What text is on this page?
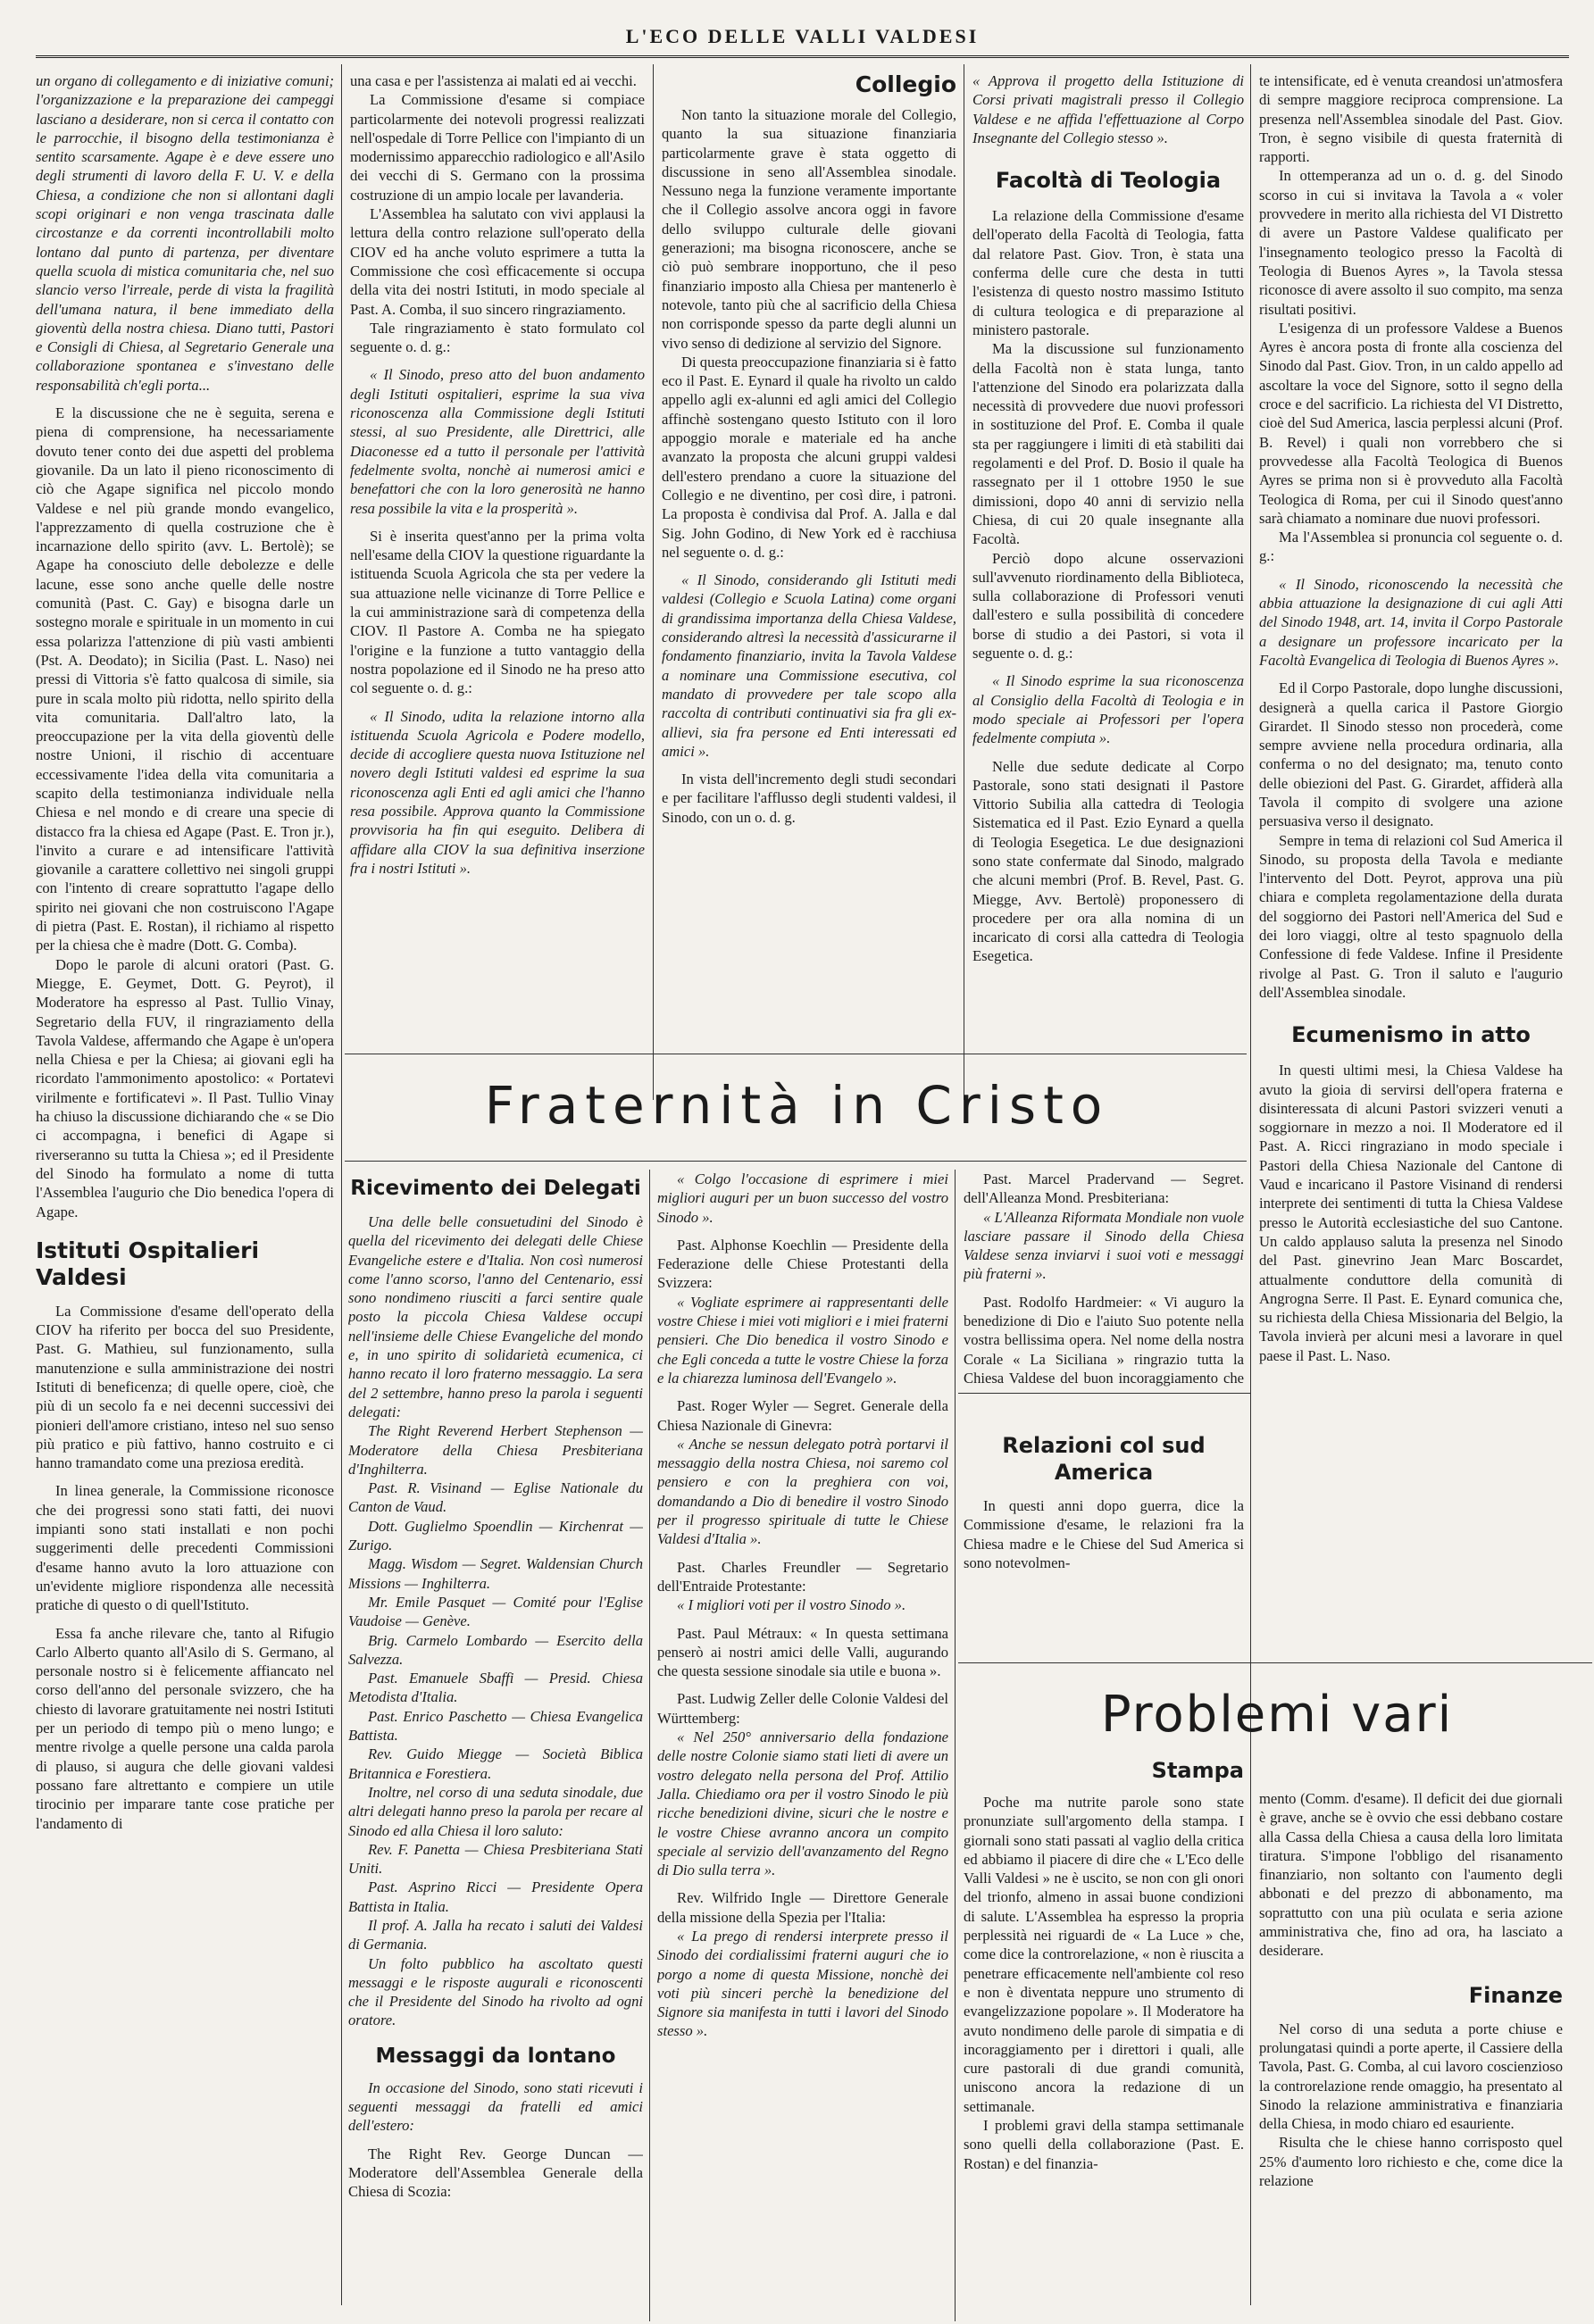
L'ECO DELLE VALLI VALDESI

un organo di collegamento e di iniziative comuni; l'organizzazione e la preparazione dei campeggi lasciano a desiderare, non si cerca il contatto con le parrocchie, il bisogno della testimonianza è sentito scarsamente. Agape è e deve essere uno degli strumenti di lavoro della F. U. V. e della Chiesa, a condizione che non si allontani dagli scopi originari e non venga trascinata dalle circostanze e da correnti incontrollabili molto lontano dal punto di partenza, per diventare quella scuola di mistica comunitaria che, nel suo slancio verso l'irreale, perde di vista la fragilità dell'umana natura, il bene immediato della gioventù della nostra chiesa. Diano tutti, Pastori e Consigli di Chiesa, al Segretario Generale una collaborazione spontanea e s'investano delle responsabilità ch'egli porta...

E la discussione che ne è seguita, serena e piena di comprensione, ha necessariamente dovuto tener conto dei due aspetti del problema giovanile. Da un lato il pieno riconoscimento di ciò che Agape significa nel piccolo mondo Valdese e nel più grande mondo evangelico, l'apprezzamento di quella costruzione che è incarnazione dello spirito (avv. L. Bertolè); se Agape ha conosciuto delle debolezze e delle lacune, esse sono anche quelle delle nostre comunità (Past. C. Gay) e bisogna darle un sostegno morale e spirituale in un momento in cui essa polarizza l'attenzione di più vasti ambienti (Pst. A. Deodato); in Sicilia (Past. L. Naso) nei pressi di Vittoria s'è fatto qualcosa di simile, sia pure in scala molto più ridotta, nello spirito della vita comunitaria. Dall'altro lato, la preoccupazione per la vita della gioventù delle nostre Unioni, il rischio di accentuare eccessivamente l'idea della vita comunitaria a scapito della testimonianza individuale nella Chiesa e nel mondo e di creare una specie di distacco fra la chiesa ed Agape (Past. E. Tron jr.), l'invito a curare e ad intensificare l'attività giovanile a carattere collettivo nei singoli gruppi con l'intento di creare soprattutto l'agape dello spirito nei giovani che non costruiscono l'Agape di pietra (Past. E. Rostan), il richiamo al rispetto per la chiesa che è madre (Dott. G. Comba).

Dopo le parole di alcuni oratori (Past. G. Miegge, E. Geymet, Dott. G. Peyrot), il Moderatore ha espresso al Past. Tullio Vinay, Segretario della FUV, il ringraziamento della Tavola Valdese, affermando che Agape è un'opera nella Chiesa e per la Chiesa; ai giovani egli ha ricordato l'ammonimento apostolico: « Portatevi virilmente e fortificatevi ». Il Past. Tullio Vinay ha chiuso la discussione dichiarando che « se Dio ci accompagna, i benefici di Agape si riverseranno su tutta la Chiesa »; ed il Presidente del Sinodo ha formulato a nome di tutta l'Assemblea l'augurio che Dio benedica l'opera di Agape.

Istituti Ospitalieri Valdesi

La Commissione d'esame dell'operato della CIOV ha riferito per bocca del suo Presidente, Past. G. Mathieu, sul funzionamento, sulla manutenzione e sulla amministrazione dei nostri Istituti di beneficenza; di quelle opere, cioè, che più di un secolo fa e nei decenni successivi dei pionieri dell'amore cristiano, inteso nel suo senso più pratico e più fattivo, hanno costruito e ci hanno tramandato come una preziosa eredità.

In linea generale, la Commissione riconosce che dei progressi sono stati fatti, dei nuovi impianti sono stati installati e non pochi suggerimenti delle precedenti Commissioni d'esame hanno avuto la loro attuazione con un'evidente migliore rispondenza alle necessità pratiche di questo o di quell'Istituto.

Essa fa anche rilevare che, tanto al Rifugio Carlo Alberto quanto all'Asilo di S. Germano, al personale nostro si è felicemente affiancato nel corso dell'anno del personale svizzero, che ha chiesto di lavorare gratuitamente nei nostri Istituti per un periodo di tempo più o meno lungo; e mentre rivolge a quelle persone una calda parola di plauso, si augura che delle giovani valdesi possano fare altrettanto e compiere un utile tirocinio per imparare tante cose pratiche per l'andamento di

una casa e per l'assistenza ai malati ed ai vecchi.

La Commissione d'esame si compiace particolarmente dei notevoli progressi realizzati nell'ospedale di Torre Pellice con l'impianto di un modernissimo apparecchio radiologico e all'Asilo dei vecchi di S. Germano con la prossima costruzione di un ampio locale per lavanderia.

L'Assemblea ha salutato con vivi applausi la lettura della contro relazione sull'operato della CIOV ed ha anche voluto esprimere a tutta la Commissione che così efficacemente si occupa della vita dei nostri Istituti, in modo speciale al Past. A. Comba, il suo sincero ringraziamento.

Tale ringraziamento è stato formulato col seguente o. d. g.:

« Il Sinodo, preso atto del buon andamento degli Istituti ospitalieri, esprime la sua viva riconoscenza alla Commissione degli Istituti stessi, al suo Presidente, alle Direttrici, alle Diaconesse ed a tutto il personale per l'attività fedelmente svolta, nonchè ai numerosi amici e benefattori che con la loro generosità ne hanno resa possibile la vita e la prosperità ».

Si è inserita quest'anno per la prima volta nell'esame della CIOV la questione riguardante la istituenda Scuola Agricola che sta per vedere la sua attuazione nelle vicinanze di Torre Pellice e la cui amministrazione sarà di competenza della CIOV. Il Pastore A. Comba ne ha spiegato l'origine e la funzione a tutto vantaggio della nostra popolazione ed il Sinodo ne ha preso atto col seguente o. d. g.:

« Il Sinodo, udita la relazione intorno alla istituenda Scuola Agricola e Podere modello, decide di accogliere questa nuova Istituzione nel novero degli Istituti valdesi ed esprime la sua riconoscenza agli Enti ed agli amici che l'hanno resa possibile. Approva quanto la Commissione provvisoria ha fin qui eseguito. Delibera di affidare alla CIOV la sua definitiva inserzione fra i nostri Istituti ».

Collegio

Non tanto la situazione morale del Collegio, quanto la sua situazione finanziaria particolarmente grave è stata oggetto di discussione in seno all'Assemblea sinodale. Nessuno nega la funzione veramente importante che il Collegio assolve ancora oggi in favore dello sviluppo culturale delle giovani generazioni; ma bisogna riconoscere, anche se ciò può sembrare inopportuno, che il peso finanziario imposto alla Chiesa per mantenerlo è notevole, tanto più che al sacrificio della Chiesa non corrisponde spesso da parte degli alunni un vivo senso di dedizione al servizio del Signore.

Di questa preoccupazione finanziaria si è fatto eco il Past. E. Eynard il quale ha rivolto un caldo appello agli ex-alunni ed agli amici del Collegio affinchè sostengano questo Istituto con il loro appoggio morale e materiale ed ha anche avanzato la proposta che alcuni gruppi valdesi dell'estero prendano a cuore la situazione del Collegio e ne diventino, per così dire, i patroni. La proposta è condivisa dal Prof. A. Jalla e dal Sig. John Godino, di New York ed è racchiusa nel seguente o. d. g.:

« Il Sinodo, considerando gli Istituti medi valdesi (Collegio e Scuola Latina) come organi di grandissima importanza della Chiesa Valdese, considerando altresì la necessità d'assicurarne il fondamento finanziario, invita la Tavola Valdese a nominare una Commissione esecutiva, col mandato di provvedere per tale scopo alla raccolta di contributi continuativi sia fra gli ex-allievi, sia fra persone ed Enti interessati ed amici ».

In vista dell'incremento degli studi secondari e per facilitare l'afflusso degli studenti valdesi, il Sinodo, con un o. d. g.

« Approva il progetto della Istituzione di Corsi privati magistrali presso il Collegio Valdese e ne affida l'effettuazione al Corpo Insegnante del Collegio stesso ».

Facoltà di Teologia

La relazione della Commissione d'esame dell'operato della Facoltà di Teologia, fatta dal relatore Past. Giov. Tron, è stata una conferma delle cure che desta in tutti l'esistenza di questo nostro massimo Istituto di cultura teologica e di preparazione al ministero pastorale.

Ma la discussione sul funzionamento della Facoltà non è stata lunga, tanto l'attenzione del Sinodo era polarizzata dalla necessità di provvedere due nuovi professori in sostituzione del Prof. E. Comba il quale sta per raggiungere i limiti di età stabiliti dai regolamenti e del Prof. D. Bosio il quale ha rassegnato per il 1 ottobre 1950 le sue dimissioni, dopo 40 anni di servizio nella Chiesa, di cui 20 quale insegnante alla Facoltà.

Perciò dopo alcune osservazioni sull'avvenuto riordinamento della Biblioteca, sulla collaborazione di Professori venuti dall'estero e sulla possibilità di concedere borse di studio a dei Pastori, si vota il seguente o. d. g.:

« Il Sinodo esprime la sua riconoscenza al Consiglio della Facoltà di Teologia e in modo speciale ai Professori per l'opera fedelmente compiuta ».

Nelle due sedute dedicate al Corpo Pastorale, sono stati designati il Pastore Vittorio Subilia alla cattedra di Teologia Sistematica ed il Past. Ezio Eynard a quella di Teologia Esegetica. Le due designazioni sono state confermate dal Sinodo, malgrado che alcuni membri (Prof. B. Revel, Past. G. Miegge, Avv. Bertolè) proponessero di procedere per ora alla nomina di un incaricato di corsi alla cattedra di Teologia Esegetica.

te intensificate, ed è venuta creandosi un'atmosfera di sempre maggiore reciproca comprensione. La presenza nell'Assemblea sinodale del Past. Giov. Tron, è segno visibile di questa fraternità di rapporti.

In ottemperanza ad un o. d. g. del Sinodo scorso in cui si invitava la Tavola a « voler provvedere in merito alla richiesta del VI Distretto di avere un Pastore Valdese qualificato per l'insegnamento teologico presso la Facoltà di Teologia di Buenos Ayres », la Tavola stessa riconosce di avere assolto il suo compito, ma senza risultati positivi.

L'esigenza di un professore Valdese a Buenos Ayres è ancora posta di fronte alla coscienza del Sinodo dal Past. Giov. Tron, in un caldo appello ad ascoltare la voce del Signore, sotto il segno della croce e del sacrificio. La richiesta del VI Distretto, cioè del Sud America, lascia perplessi alcuni (Prof. B. Revel) i quali non vorrebbero che si provvedesse alla Facoltà Teologica di Buenos Ayres se prima non si è provveduto alla Facoltà Teologica di Roma, per cui il Sinodo quest'anno sarà chiamato a nominare due nuovi professori.

Ma l'Assemblea si pronuncia col seguente o. d. g.:

« Il Sinodo, riconoscendo la necessità che abbia attuazione la designazione di cui agli Atti del Sinodo 1948, art. 14, invita il Corpo Pastorale a designare un professore incaricato per la Facoltà Evangelica di Teologia di Buenos Ayres ».

Ed il Corpo Pastorale, dopo lunghe discussioni, designerà a quella carica il Pastore Giorgio Girardet. Il Sinodo stesso non procederà, come sempre avviene nella procedura ordinaria, alla conferma o no del designato; ma, tenuto conto delle obiezioni del Past. G. Girardet, affiderà alla Tavola il compito di svolgere una azione persuasiva verso il designato.

Sempre in tema di relazioni col Sud America il Sinodo, su proposta della Tavola e mediante l'intervento del Dott. Peyrot, approva una più chiara e completa regolamentazione della durata del soggiorno dei Pastori nell'America del Sud e dei loro viaggi, oltre al testo spagnuolo della Confessione di fede Valdese. Infine il Presidente rivolge al Past. G. Tron il saluto e l'augurio dell'Assemblea sinodale.

Ecumenismo in atto

In questi ultimi mesi, la Chiesa Valdese ha avuto la gioia di servirsi dell'opera fraterna e disinteressata di alcuni Pastori svizzeri venuti a soggiornare in mezzo a noi. Il Moderatore ed il Past. A. Ricci ringraziano in modo speciale i Pastori della Chiesa Nazionale del Cantone di Vaud e incaricano il Pastore Visinand di rendersi interprete dei sentimenti di tutta la Chiesa Valdese presso le Autorità ecclesiastiche del suo Cantone. Un caldo applauso saluta la presenza nel Sinodo del Past. ginevrino Jean Marc Boscardet, attualmente conduttore della comunità di Angrogna Serre. Il Past. E. Eynard comunica che, su richiesta della Chiesa Missionaria del Belgio, la Tavola invierà per alcuni mesi a lavorare in quel paese il Past. L. Naso.

Fraternità in Cristo
Ricevimento dei Delegati

Una delle belle consuetudini del Sinodo è quella del ricevimento dei delegati delle Chiese Evangeliche estere e d'Italia. Non così numerosi come l'anno scorso, l'anno del Centenario, essi sono nondimeno riusciti a farci sentire quale posto la piccola Chiesa Valdese occupi nell'insieme delle Chiese Evangeliche del mondo e, in uno spirito di solidarietà ecumenica, ci hanno recato il loro fraterno messaggio. La sera del 2 settembre, hanno preso la parola i seguenti delegati:

The Right Reverend Herbert Stephenson — Moderatore della Chiesa Presbiteriana d'Inghilterra.

Past. R. Visinand — Eglise Nationale du Canton de Vaud.

Dott. Guglielmo Spoendlin — Kirchenrat — Zurigo.

Magg. Wisdom — Segret. Waldensian Church Missions — Inghilterra.

Mr. Emile Pasquet — Comité pour l'Eglise Vaudoise — Genève.

Brig. Carmelo Lombardo — Esercito della Salvezza.

Past. Emanuele Sbaffi — Presid. Chiesa Metodista d'Italia.

Past. Enrico Paschetto — Chiesa Evangelica Battista.

Rev. Guido Miegge — Società Biblica Britannica e Forestiera.

Inoltre, nel corso di una seduta sinodale, due altri delegati hanno preso la parola per recare al Sinodo ed alla Chiesa il loro saluto:

Rev. F. Panetta — Chiesa Presbiteriana Stati Uniti.

Past. Asprino Ricci — Presidente Opera Battista in Italia.

Il prof. A. Jalla ha recato i saluti dei Valdesi di Germania.

Un folto pubblico ha ascoltato questi messaggi e le risposte augurali e riconoscenti che il Presidente del Sinodo ha rivolto ad ogni oratore.

Messaggi da lontano

In occasione del Sinodo, sono stati ricevuti i seguenti messaggi da fratelli ed amici dell'estero:

The Right Rev. George Duncan — Moderatore dell'Assemblea Generale della Chiesa di Scozia:

« Colgo l'occasione di esprimere i miei migliori auguri per un buon successo del vostro Sinodo ».

Past. Alphonse Koechlin — Presidente della Federazione delle Chiese Protestanti della Svizzera:

« Vogliate esprimere ai rappresentanti delle vostre Chiese i miei voti migliori e i miei fraterni pensieri. Che Dio benedica il vostro Sinodo e che Egli conceda a tutte le vostre Chiese la forza e la chiarezza luminosa dell'Evangelo ».

Past. Roger Wyler — Segret. Generale della Chiesa Nazionale di Ginevra:

« Anche se nessun delegato potrà portarvi il messaggio della nostra Chiesa, noi saremo col pensiero e con la preghiera con voi, domandando a Dio di benedire il vostro Sinodo per il progresso spirituale di tutte le Chiese Valdesi d'Italia ».

Past. Charles Freundler — Segretario dell'Entraide Protestante:

« I migliori voti per il vostro Sinodo ».

Past. Paul Métraux: « In questa settimana penserò ai nostri amici delle Valli, augurando che questa sessione sinodale sia utile e buona ».

Past. Ludwig Zeller delle Colonie Valdesi del Württemberg:

« Nel 250° anniversario della fondazione delle nostre Colonie siamo stati lieti di avere un vostro delegato nella persona del Prof. Attilio Jalla. Chiediamo ora per il vostro Sinodo le più ricche benedizioni divine, sicuri che le nostre e le vostre Chiese avranno ancora un compito speciale al servizio dell'avanzamento del Regno di Dio sulla terra ».

Rev. Wilfrido Ingle — Direttore Generale della missione della Spezia per l'Italia:

« La prego di rendersi interprete presso il Sinodo dei cordialissimi fraterni auguri che io porgo a nome di questa Missione, nonchè dei voti più sinceri perchè la benedizione del Signore sia manifesta in tutti i lavori del Sinodo stesso ».

Past. Marcel Pradervand — Segret. dell'Alleanza Mond. Presbiteriana:

« L'Alleanza Riformata Mondiale non vuole lasciare passare il Sinodo della Chiesa Valdese senza inviarvi i suoi voti e messaggi più fraterni ».

Past. Rodolfo Hardmeier: « Vi auguro la benedizione di Dio e l'aiuto Suo potente nella vostra bellissima opera. Nel nome della nostra Corale « La Siciliana » ringrazio tutta la Chiesa Valdese del buon incoraggiamento che

Relazioni col sud America

In questi anni dopo guerra, dice la Commissione d'esame, le relazioni fra la Chiesa madre e le Chiese del Sud America si sono notevolmen-

Problemi vari
Stampa

Poche ma nutrite parole sono state pronunziate sull'argomento della stampa. I giornali sono stati passati al vaglio della critica ed abbiamo il piacere di dire che « L'Eco delle Valli Valdesi » ne è uscito, se non con gli onori del trionfo, almeno in assai buone condizioni di salute. L'Assemblea ha espresso la propria perplessità nei riguardi de « La Luce » che, come dice la controrelazione, « non è riuscita a penetrare efficacemente nell'ambiente col reso e non è diventata neppure uno strumento di evangelizzazione popolare ». Il Moderatore ha avuto nondimeno delle parole di simpatia e di incoraggiamento per i direttori i quali, alle cure pastorali di due grandi comunità, uniscono ancora la redazione di un settimanale.

I problemi gravi della stampa settimanale sono quelli della collaborazione (Past. E. Rostan) e del finanzia-

mento (Comm. d'esame). Il deficit dei due giornali è grave, anche se è ovvio che essi debbano costare alla Cassa della Chiesa a causa della loro limitata tiratura. S'impone l'obbligo del risanamento finanziario, non soltanto con l'aumento degli abbonati e del prezzo di abbonamento, ma soprattutto con una più oculata e seria azione amministrativa che, fino ad ora, ha lasciato a desiderare.

Finanze

Nel corso di una seduta a porte chiuse e prolungatasi quindi a porte aperte, il Cassiere della Tavola, Past. G. Comba, al cui lavoro coscienzioso la controrelazione rende omaggio, ha presentato al Sinodo la relazione amministrativa e finanziaria della Chiesa, in modo chiaro ed esauriente.

Risulta che le chiese hanno corrisposto quel 25% d'aumento loro richiesto e che, come dice la relazione
